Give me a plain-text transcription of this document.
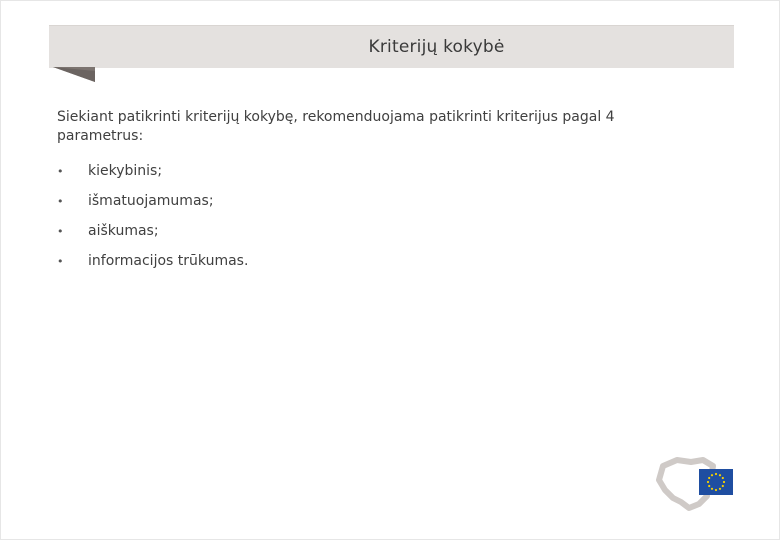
Kriterijų kokybė
Siekiant patikrinti kriterijų kokybę, rekomenduojama patikrinti kriterijus pagal 4 parametrus:
•	kiekybinis;
•	išmatuojamumas;
•	aiškumas;
•	informacijos trūkumas.
